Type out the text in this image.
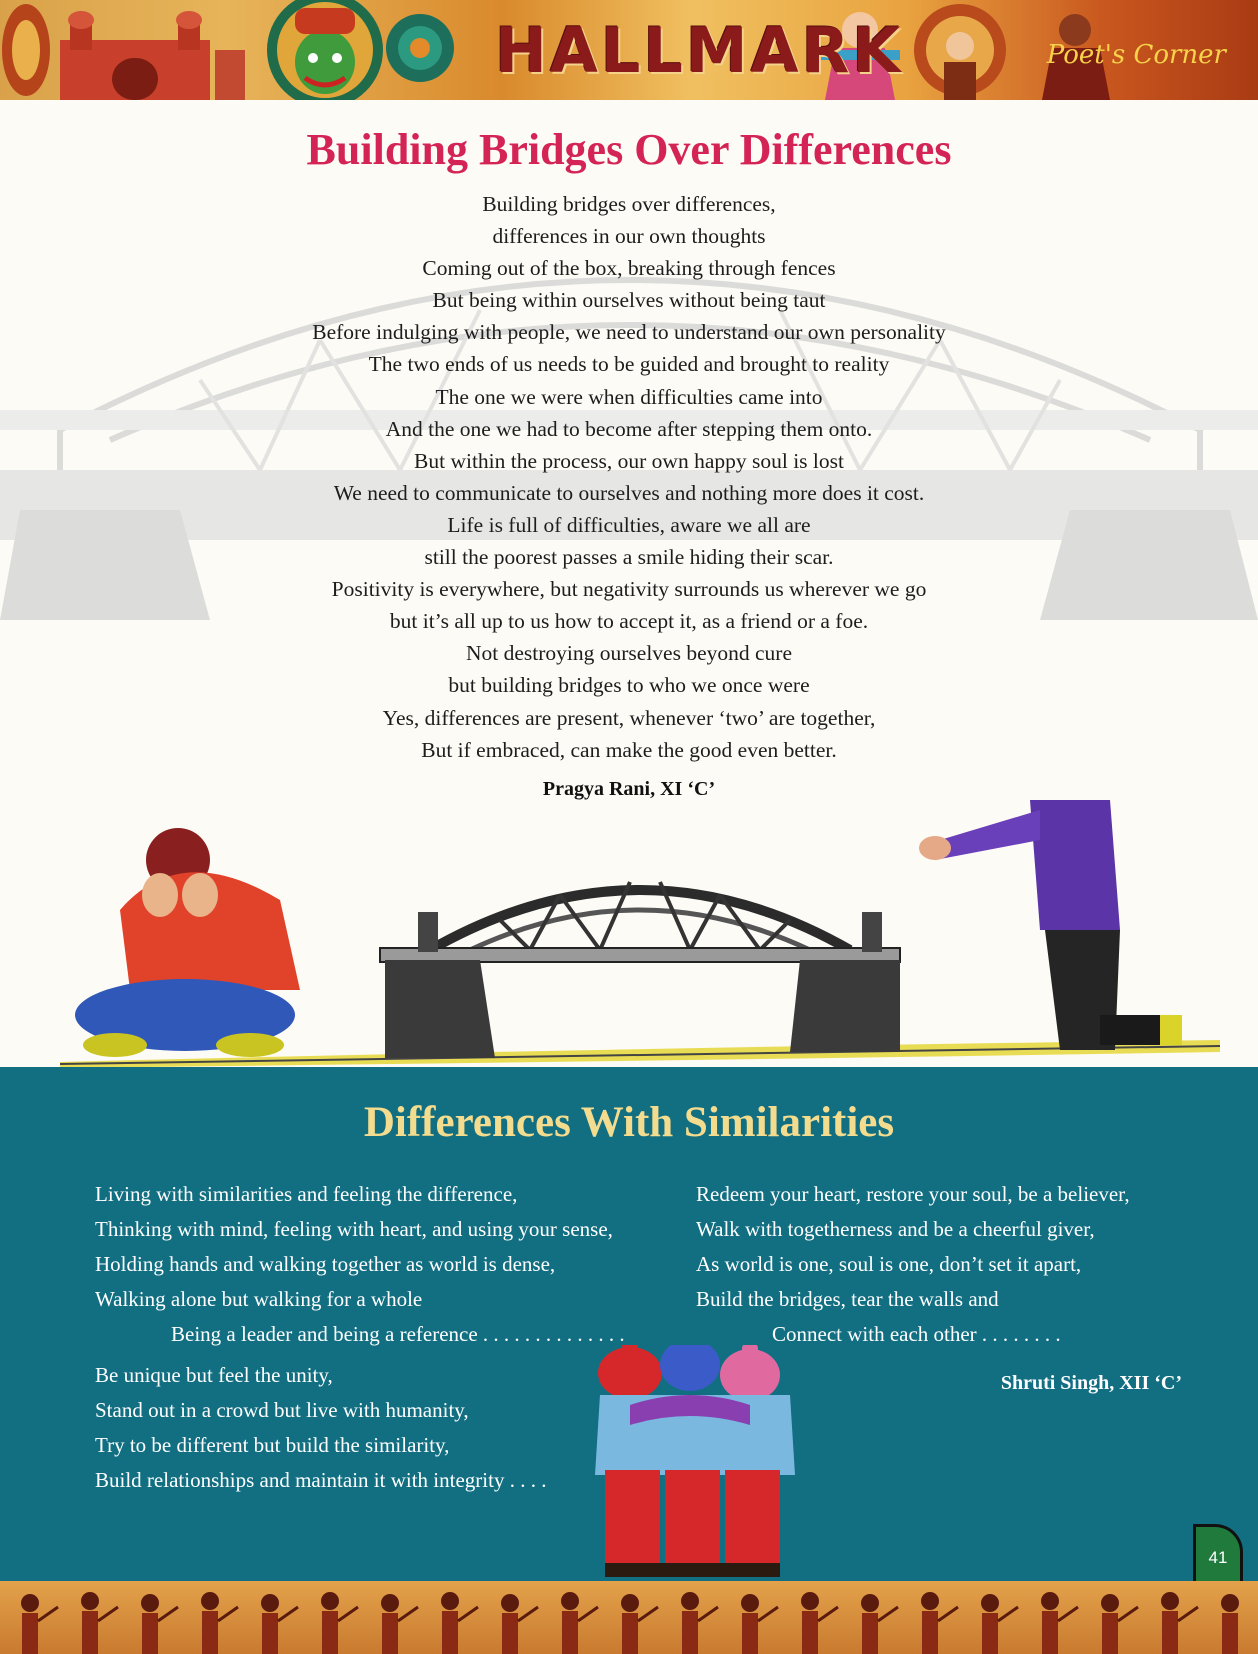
HALLMARK	Poet's Corner
Building Bridges Over Differences
Building bridges over differences,
differences in our own thoughts
Coming out of the box, breaking through fences
But being within ourselves without being taut
Before indulging with people, we need to understand our own personality
The two ends of us needs to be guided and brought to reality
The one we were when difficulties came into
And the one we had to become after stepping them onto.
But within the process, our own happy soul is lost
We need to communicate to ourselves and nothing more does it cost.
Life is full of difficulties, aware we all are
still the poorest passes a smile hiding their scar.
Positivity is everywhere, but negativity surrounds us wherever we go
but it’s all up to us how to accept it, as a friend or a foe.
Not destroying ourselves beyond cure
but building bridges to who we once were
Yes, differences are present, whenever ‘two’ are together,
But if embraced, can make the good even better.
Pragya Rani, XI ‘C’
Differences With Similarities
Living with similarities and feeling the difference,
Thinking with mind, feeling with heart, and using your sense,
Holding hands and walking together as world is dense,
Walking alone but walking for a whole
Being a leader and being a reference . . . . . . . . . . . . . .
Be unique but feel the unity,
Stand out in a crowd but live with humanity,
Try to be different but build the similarity,
Build relationships and maintain it with integrity . . . .
Redeem your heart, restore your soul, be a believer,
Walk with togetherness and be a cheerful giver,
As world is one, soul is one, don’t set it apart,
Build the bridges, tear the walls and
Connect with each other . . . . . . . .
Shruti Singh, XII ‘C’
41
